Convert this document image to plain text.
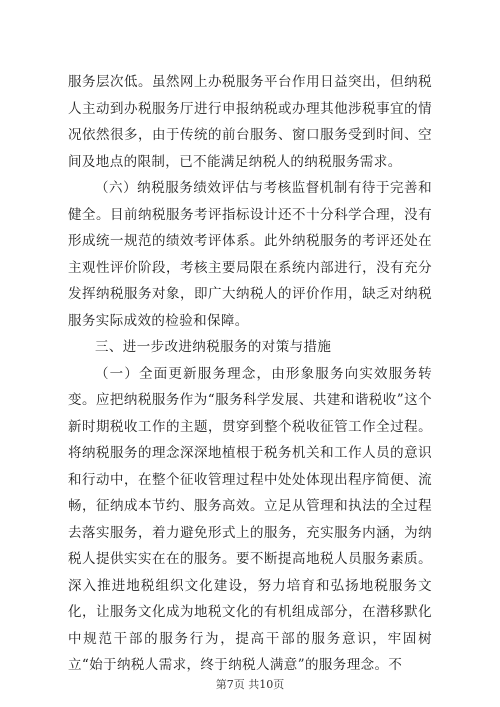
服务层次低。虽然网上办税服务平台作用日益突出，但纳税人主动到办税服务厅进行申报纳税或办理其他涉税事宜的情况依然很多，由于传统的前台服务、窗口服务受到时间、空间及地点的限制，已不能满足纳税人的纳税服务需求。

（六）纳税服务绩效评估与考核监督机制有待于完善和健全。目前纳税服务考评指标设计还不十分科学合理，没有形成统一规范的绩效考评体系。此外纳税服务的考评还处在主观性评价阶段，考核主要局限在系统内部进行，没有充分发挥纳税服务对象，即广大纳税人的评价作用，缺乏对纳税服务实际成效的检验和保障。

三、进一步改进纳税服务的对策与措施

（一）全面更新服务理念，由形象服务向实效服务转变。应把纳税服务作为“服务科学发展、共建和谐税收”这个新时期税收工作的主题，贯穿到整个税收征管工作全过程。将纳税服务的理念深深地植根于税务机关和工作人员的意识和行动中，在整个征收管理过程中处处体现出程序简便、流畅，征纳成本节约、服务高效。立足从管理和执法的全过程去落实服务，着力避免形式上的服务，充实服务内涵，为纳税人提供实实在在的服务。要不断提高地税人员服务素质。深入推进地税组织文化建设，努力培育和弘扬地税服务文化，让服务文化成为地税文化的有机组成部分，在潜移默化中规范干部的服务行为，提高干部的服务意识，牢固树立“始于纳税人需求，终于纳税人满意”的服务理念。不

第7页 共10页
